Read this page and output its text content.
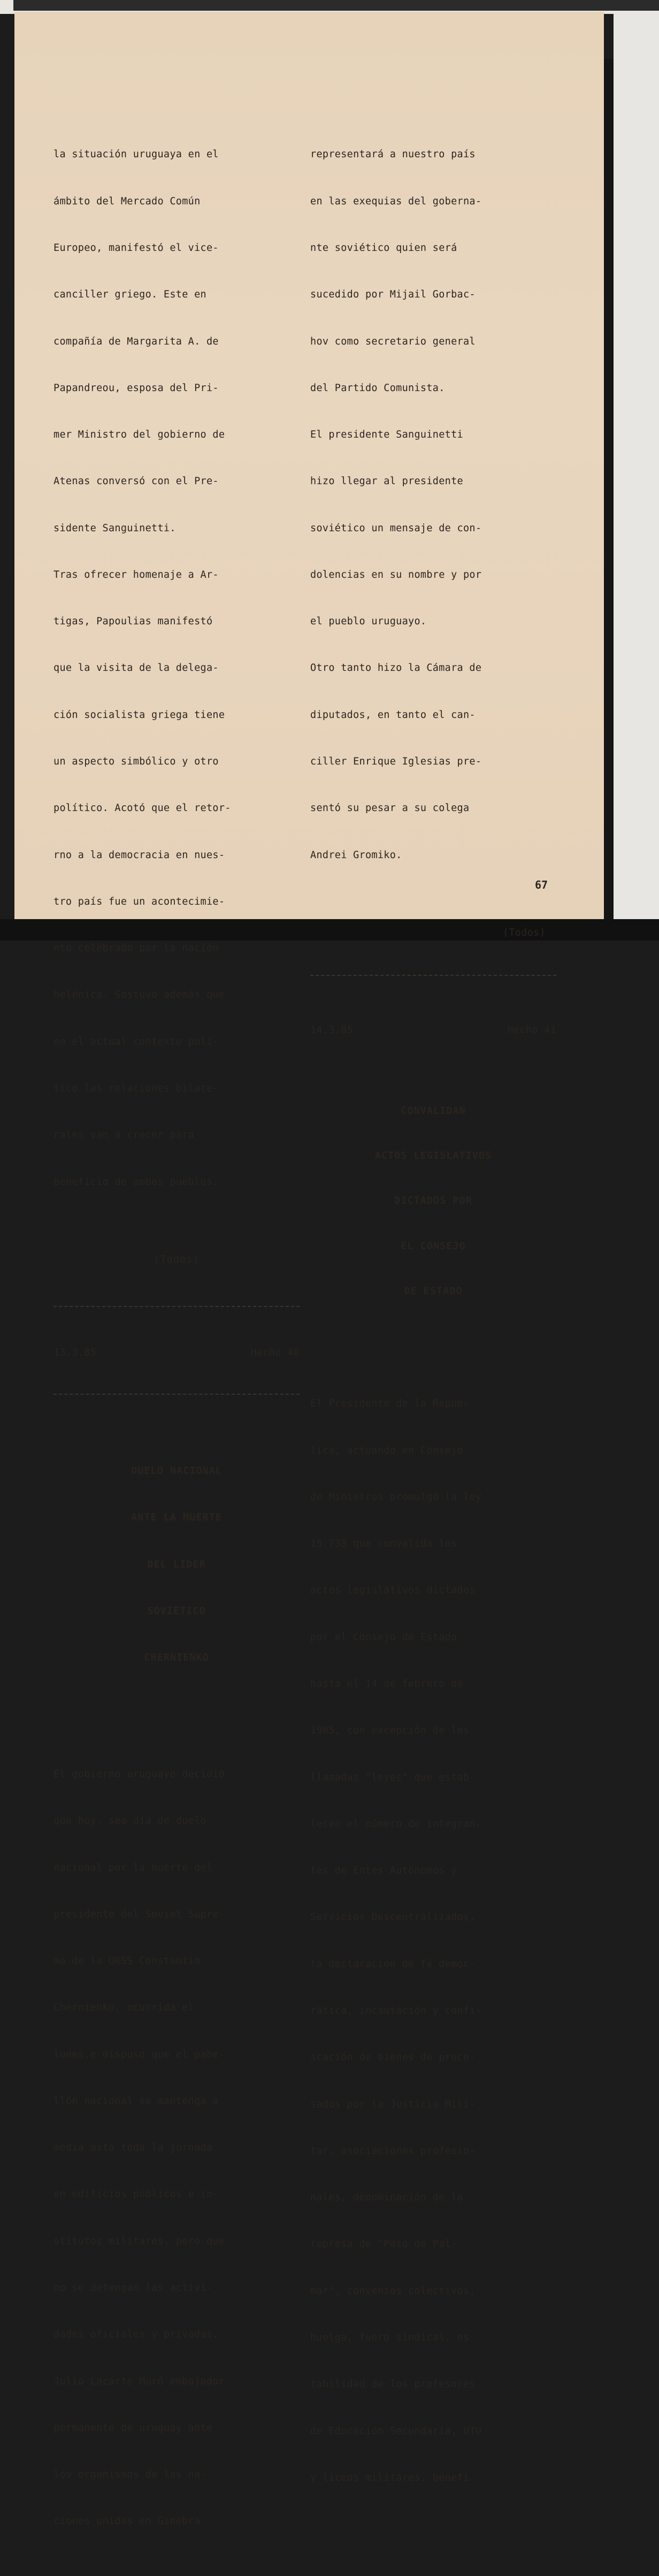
la situación uruguaya en el

ámbito del Mercado Común

Europeo, manifestó el vice-

canciller griego. Este en

compañía de Margarita A. de

Papandreou, esposa del Pri-

mer Ministro del gobierno de

Atenas conversó con el Pre-

sidente Sanguinetti.

Tras ofrecer homenaje a Ar-

tigas, Papoulias manifestó

que la visita de la delega-

ción socialista griega tiene

un aspecto simbólico y otro

político. Acotó que el retor-

rno a la democracia en nues-

tro país fue un acontecimie-

nto celebrado por la nación

helénica. Sostuvo además que

en el actual contexto polí-

tico las relaciones bilate-

rales van a crecer para

beneficio de ambos pueblos.

(Todos)

13.3.85	Hecho 40

DUELO NACIONAL

ANTE LA MUERTE

DEL LIDER

SOVIETICO

CHERNIENKO

El gobierno uruguayo decidió

que hoy, sea día de duelo

nacional por la muerte del

presidente del Soviet Supre-

mo de la URSS Constantin

Chernienko, ocurrida el

lunes.e dispuso que el pabe-

llón nacional se mantenga a

media asta toda la jornada

en edificios públicos e in-

stitutos militares, pero que

no se detengan las activi-

dades oficiales y privadas.

Julio Lacarte Muró embajador

permanente de uruguay ante

los organismos de las na-

ciones unidas en Ginebra

representará a nuestro país

en las exequias del goberna-

nte soviético quien será

sucedido por Mijail Gorbac-

hov como secretario general

del Partido Comunista.

El presidente Sanguinetti

hizo llegar al presidente

soviético un mensaje de con-

dolencias en su nombre y por

el pueblo uruguayo.

Otro tanto hizo la Cámara de

diputados, en tanto el can-

ciller Enrique Iglesias pre-

sentó su pesar a su colega

Andrei Gromiko.

(Todos)

14.3.85	Hecho 41

CONVALIDAN

ACTOS LEGISLATIVOS

DICTADOS POR

EL CONSEJO

DE ESTADO

El Presidente de la Repúb-

lica, actuando en Consejo

de Ministros promulgó la ley

15.738 que convalida los

actos legislativos dictados

por el Consejo de Estado

hasta el 14 de febrero de

1985, con excepción de las

llamadas "leyes" que estab-

lecen el número de integran-

tes de Entes Autónomos y

Servicios Descentralizados,

la declaración de fé democ-

rática, incautación y confi-

scación de bienes de proce-

sados por la Justicia Mili-

tar, asociaciones profesio-

nales, denominación de la

represa de "Paso de Pal-

mar", convenios colectivos,

huelga, fuero sindical, es-

tabilidad de los profesores

de Educación Secundaria, UTU

y liceos militares. benefi

67
